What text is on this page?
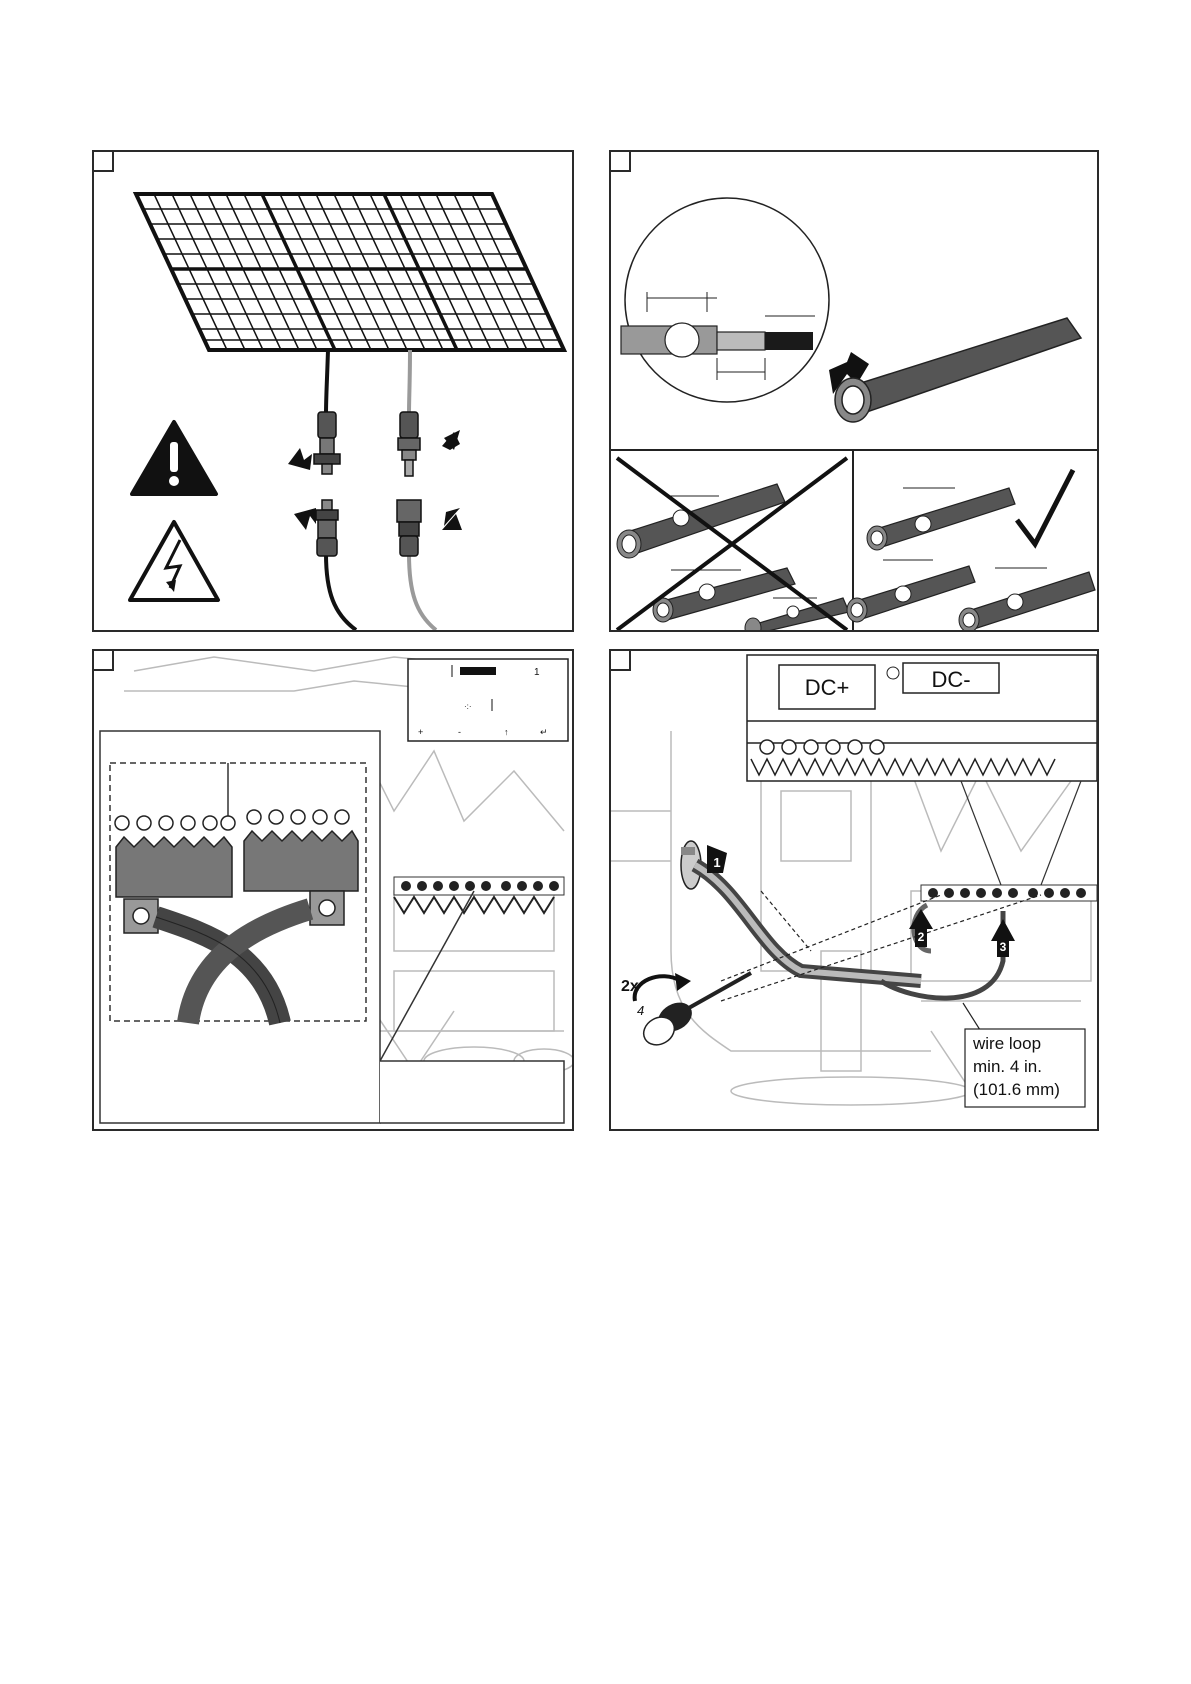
1
·:·
+	-	↑	↵
DC+	DC-
1
2
3
2x
4
wire loop
min. 4 in.
(101.6 mm)
